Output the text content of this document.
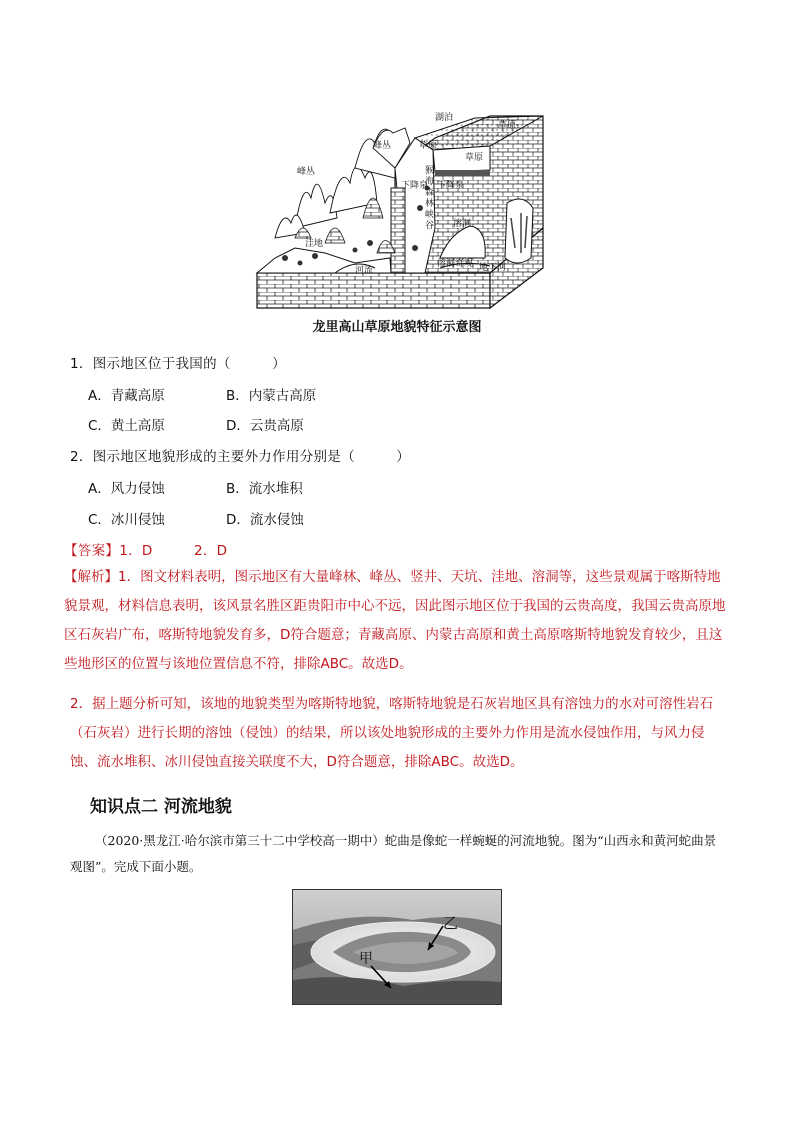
湖泊
草原
草原
草原
峰丛
峰丛
下降泉 下降泉
猴
海
森
林
峡
谷
洼地
河流
溶洞
溶洞奇观 地下河
龙里高山草原地貌特征示意图
1．图示地区位于我国的（　　　）
A．青藏高原	B．内蒙古高原
C．黄土高原	D．云贵高原
2．图示地区地貌形成的主要外力作用分别是（　　　）
A．风力侵蚀	B．流水堆积
C．冰川侵蚀	D．流水侵蚀
【答案】1．D　　　2．D
【解析】1．图文材料表明，图示地区有大量峰林、峰丛、竖井、天坑、洼地、溶洞等，这些景观属于喀斯特地貌景观，材料信息表明，该风景名胜区距贵阳市中心不远，因此图示地区位于我国的云贵高度，我国云贵高原地区石灰岩广布，喀斯特地貌发育多，D符合题意；青藏高原、内蒙古高原和黄土高原喀斯特地貌发育较少，且这些地形区的位置与该地位置信息不符，排除ABC。故选D。
2．据上题分析可知，该地的地貌类型为喀斯特地貌，喀斯特地貌是石灰岩地区具有溶蚀力的水对可溶性岩石（石灰岩）进行长期的溶蚀（侵蚀）的结果，所以该处地貌形成的主要外力作用是流水侵蚀作用，与风力侵蚀、流水堆积、冰川侵蚀直接关联度不大，D符合题意，排除ABC。故选D。
知识点二 河流地貌
（2020·黑龙江·哈尔滨市第三十二中学校高一期中）蛇曲是像蛇一样蜿蜒的河流地貌。图为“山西永和黄河蛇曲景观图”。完成下面小题。
乙
甲
